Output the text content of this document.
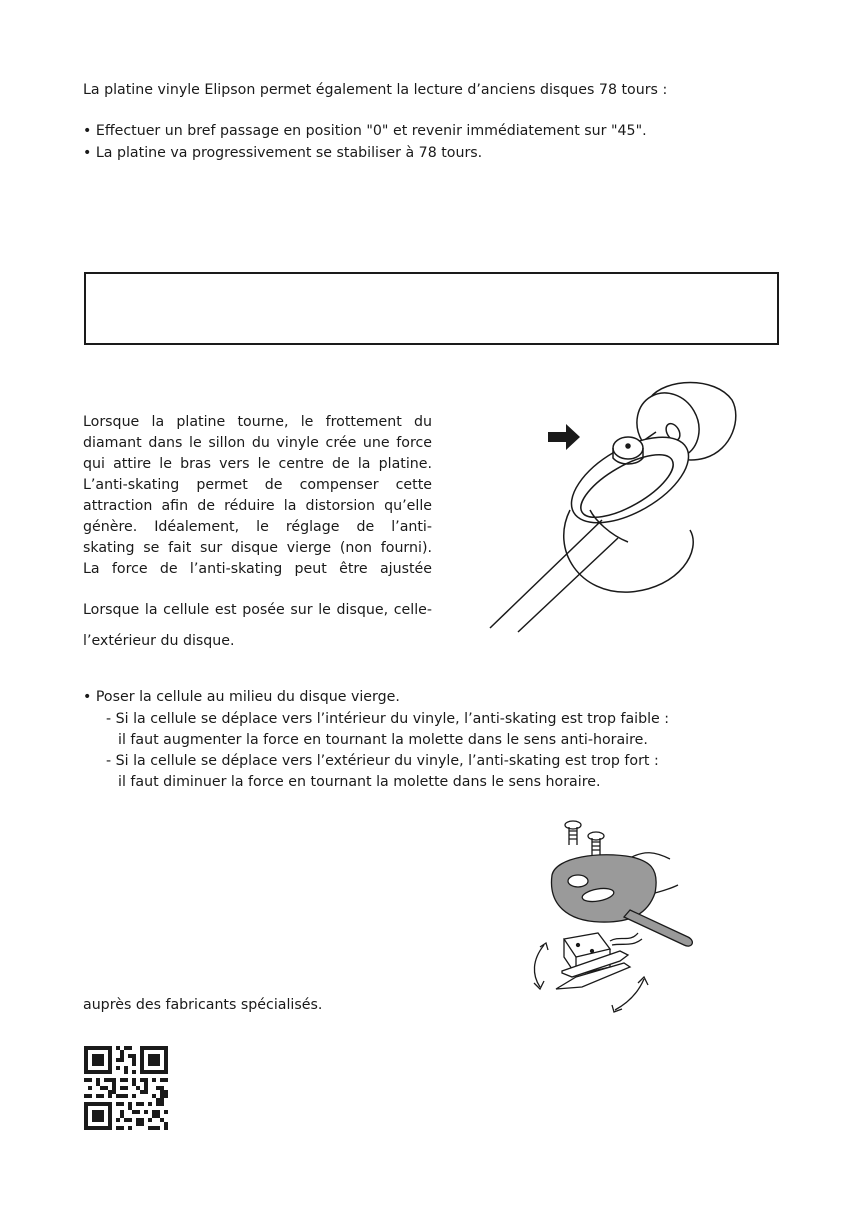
La platine vinyle Elipson permet également la lecture d’anciens disques 78 tours :
• Effectuer un bref passage en position "0" et revenir immédiatement sur "45".
• La platine va progressivement se stabiliser à 78 tours.
Lorsque la platine tourne, le frottement du
diamant dans le sillon du vinyle crée une force
qui attire le bras vers le centre de la platine.
L’anti-skating permet de compenser cette
attraction afin de réduire la distorsion qu’elle
génère. Idéalement, le réglage de l’anti-
skating se fait sur disque vierge (non fourni).
La force de l’anti-skating peut être ajustée
Lorsque la cellule est posée sur le disque, celle-
l’extérieur du disque.
• Poser la cellule au milieu du disque vierge.
- Si la cellule se déplace vers l’intérieur du vinyle, l’anti-skating est trop faible :
il faut augmenter la force en tournant la molette dans le sens anti-horaire.
- Si la cellule se déplace vers l’extérieur du vinyle, l’anti-skating est trop fort :
il faut diminuer la force en tournant la molette dans le sens horaire.
auprès des fabricants spécialisés.
